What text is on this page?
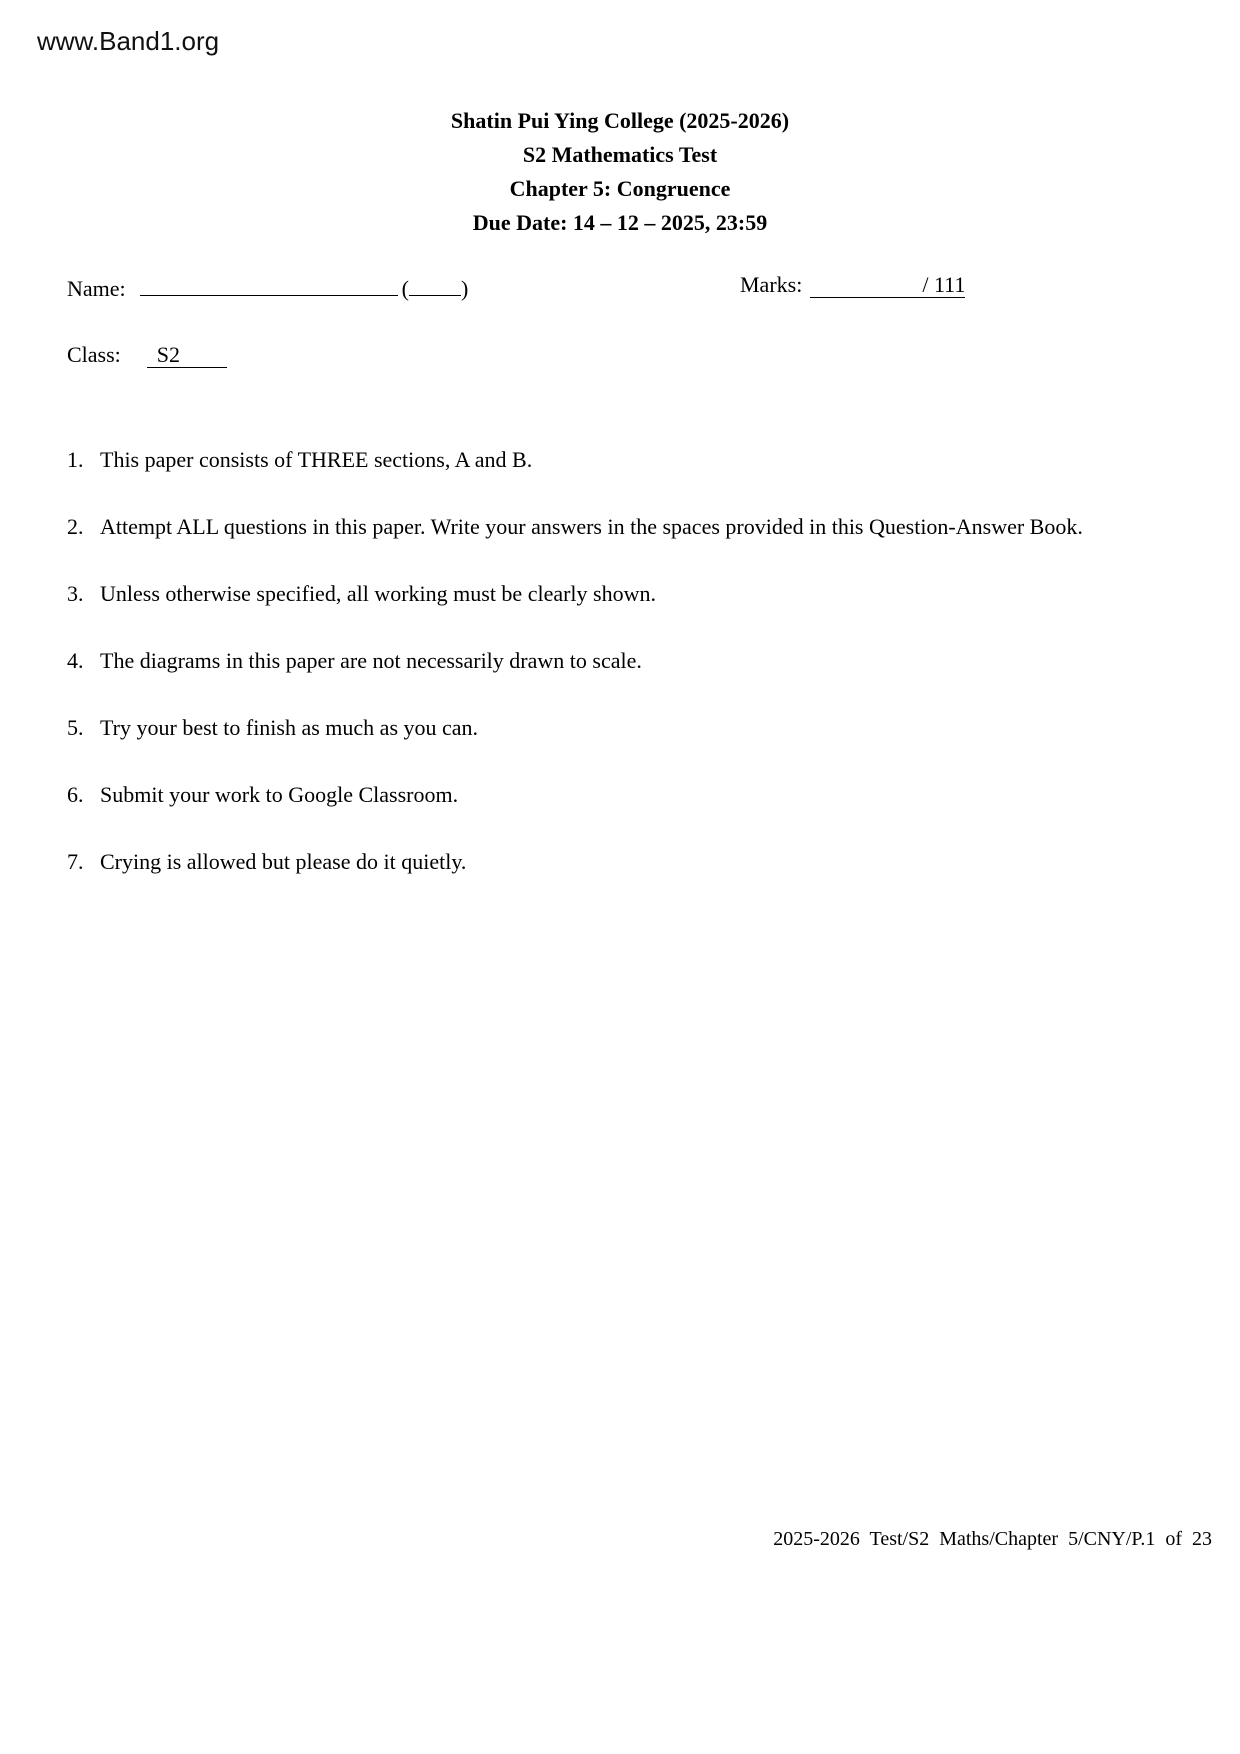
www.Band1.org
Shatin Pui Ying College (2025-2026)
S2 Mathematics Test
Chapter 5: Congruence
Due Date: 14 – 12 – 2025, 23:59
Name:	( )	Marks:	/ 111
Class:	S2
1. This paper consists of THREE sections, A and B.
2. Attempt ALL questions in this paper. Write your answers in the spaces provided in this Question-Answer Book.
3. Unless otherwise specified, all working must be clearly shown.
4. The diagrams in this paper are not necessarily drawn to scale.
5. Try your best to finish as much as you can.
6. Submit your work to Google Classroom.
7. Crying is allowed but please do it quietly.
2025-2026  Test/S2  Maths/Chapter  5/CNY/P.1  of  23
